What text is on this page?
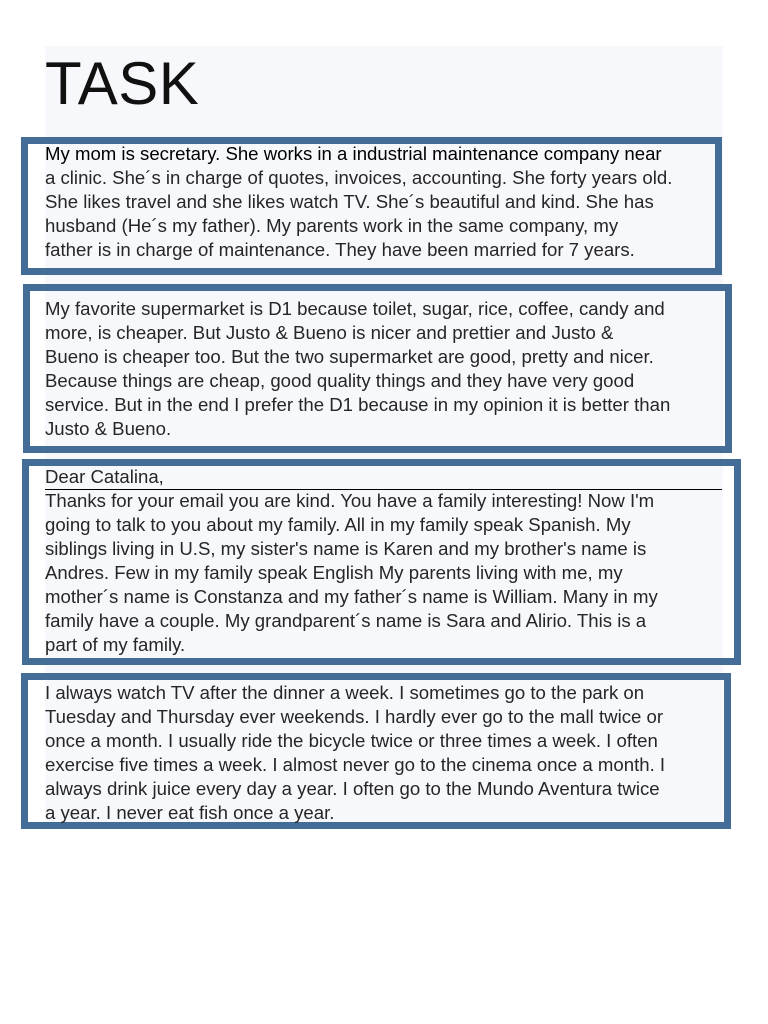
TASK
My mom is secretary. She works in a industrial maintenance company near
a clinic. She´s in charge of quotes, invoices, accounting. She forty years old.
She likes travel and she likes watch TV. She´s beautiful and kind. She has
husband (He´s my father). My parents work in the same company, my
father is in charge of maintenance. They have been married for 7 years.
My favorite supermarket is D1 because toilet, sugar, rice, coffee, candy and
more, is cheaper. But Justo & Bueno is nicer and prettier and Justo &
Bueno is cheaper too. But the two supermarket are good, pretty and nicer.
Because things are cheap, good quality things and they have very good
service. But in the end I prefer the D1 because in my opinion it is better than
Justo & Bueno.
Dear Catalina,
Thanks for your email you are kind. You have a family interesting! Now I'm
going to talk to you about my family. All in my family speak Spanish. My
siblings living in U.S, my sister's name is Karen and my brother's name is
Andres. Few in my family speak English My parents living with me, my
mother´s name is Constanza and my father´s name is William. Many in my
family have a couple. My grandparent´s name is Sara and Alirio. This is a
part of my family.
I always watch TV after the dinner a week. I sometimes go to the park on
Tuesday and Thursday ever weekends. I hardly ever go to the mall twice or
once a month. I usually ride the bicycle twice or three times a week. I often
exercise five times a week. I almost never go to the cinema once a month. I
always drink juice every day a year. I often go to the Mundo Aventura twice
a year. I never eat fish once a year.
